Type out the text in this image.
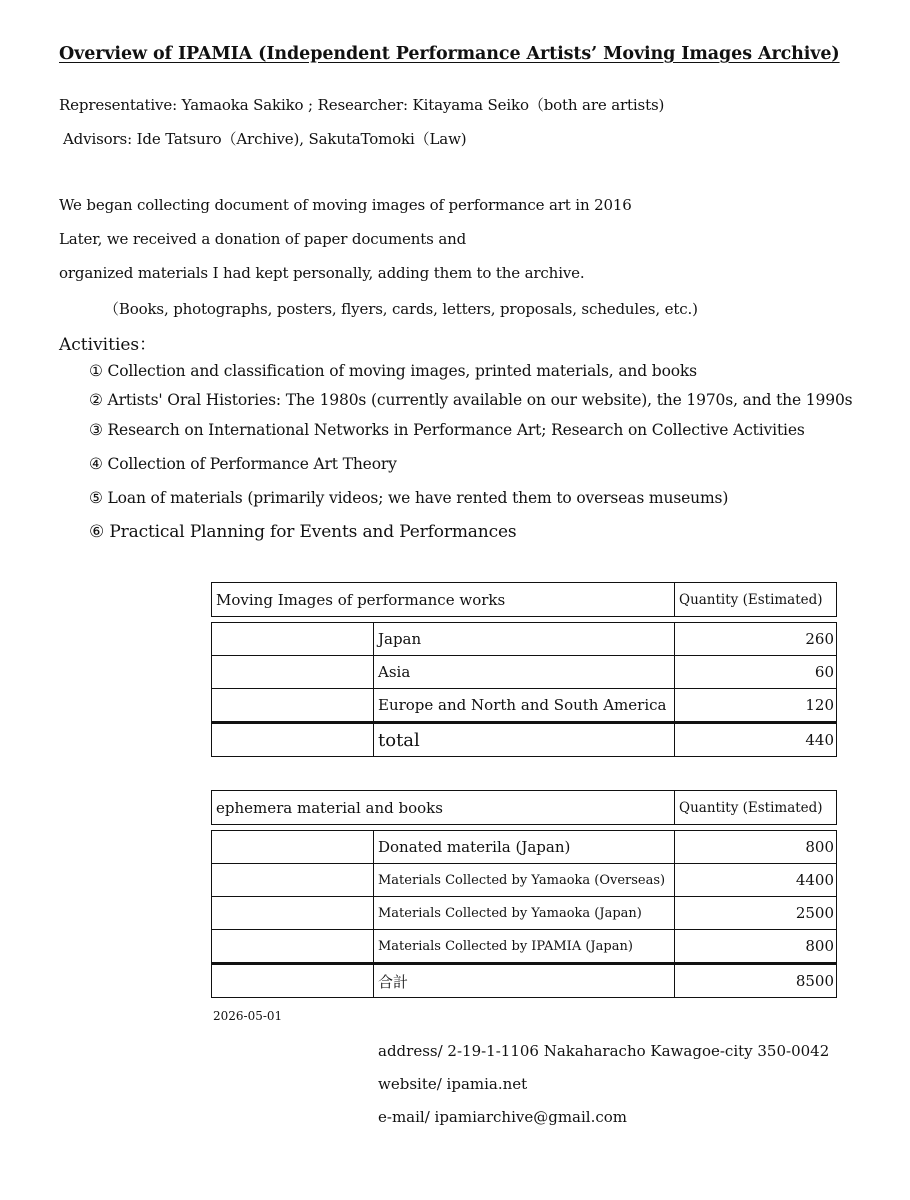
Overview of IPAMIA (Independent Performance Artists’ Moving Images Archive)
Representative: Yamaoka Sakiko ; Researcher: Kitayama Seiko（both are artists)
Advisors: Ide Tatsuro（Archive), SakutaTomoki（Law)
We began collecting document of moving images of performance art in 2016
Later, we received a donation of paper documents and
organized materials I had kept personally, adding them to the archive.
（Books, photographs, posters, flyers, cards, letters, proposals, schedules, etc.)
Activities：
① Collection and classification of moving images, printed materials, and books
② Artists' Oral Histories: The 1980s (currently available on our website), the 1970s, and the 1990s
③ Research on International Networks in Performance Art; Research on Collective Activities
④ Collection of Performance Art Theory
⑤ Loan of materials (primarily videos; we have rented them to overseas museums)
⑥ Practical Planning for Events and Performances
Moving Images of performance works		Quantity (Estimated)

	Japan	260
	Asia	60
	Europe and North and South America	120
	total	440
ephemera material and books		Quantity (Estimated)

	Donated materila (Japan)	800
	Materials Collected by Yamaoka (Overseas)	4400
	Materials Collected by Yamaoka (Japan)	2500
	Materials Collected by IPAMIA (Japan)	800
	合計	8500
2026-05-01
address/ 2-19-1-1106 Nakaharacho Kawagoe-city 350-0042
website/ ipamia.net
e-mail/ ipamiarchive@gmail.com
